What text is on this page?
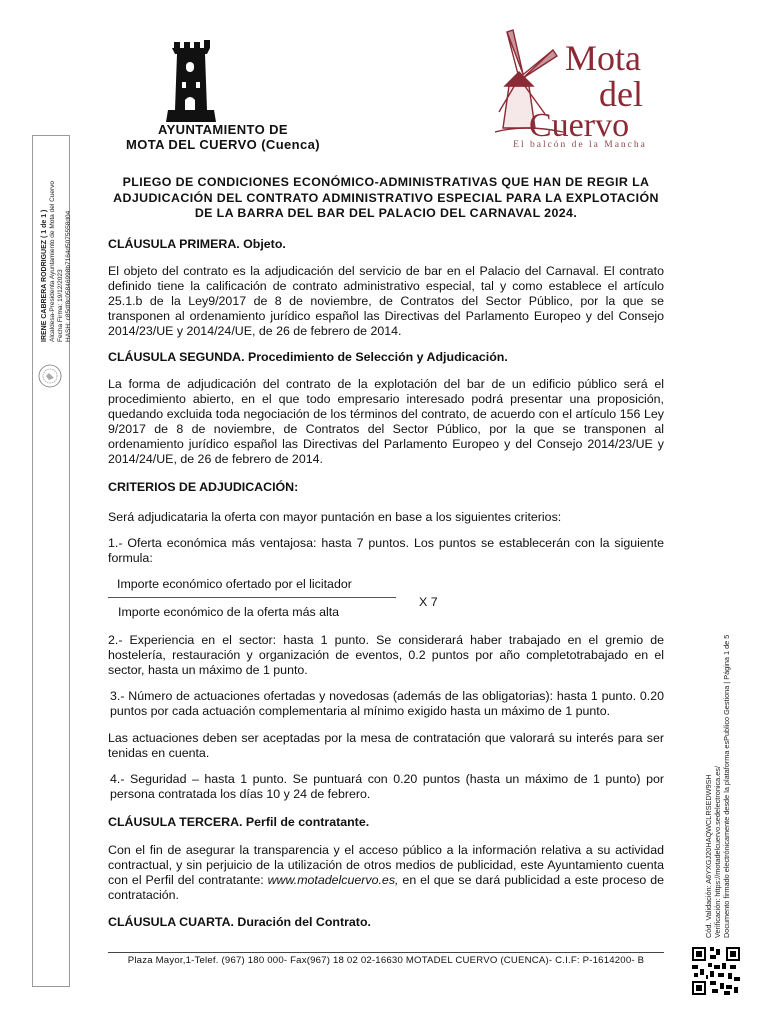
AYUNTAMIENTO DE
MOTA DEL CUERVO (Cuenca)
Mota
del
Cuervo
El balcón de la Mancha
IRENE CABRERA RODRIGUEZ ( 1 de 1 ) Alcaldesa-Presidenta Ayuntamiento de Mota del Cuervo Fecha Firma: 19/12/2023 HASH: c85df8c05846998b7164d5075558d04
Cód. Validación: A6YXGJ20HAQWCLRSEDW9SH Verificación: https://motadelcuervo.sedelectronica.es/ Documento firmado electrónicamente desde la plataforma esPublico Gestiona | Página 1 de 5
PLIEGO DE CONDICIONES ECONÓMICO-ADMINISTRATIVAS QUE HAN DE REGIR LA
ADJUDICACIÓN DEL CONTRATO ADMINISTRATIVO ESPECIAL PARA LA EXPLOTACIÓN
DE LA BARRA DEL BAR DEL PALACIO DEL CARNAVAL 2024.
CLÁUSULA PRIMERA. Objeto.
El objeto del contrato es la adjudicación del servicio de bar en el Palacio del Carnaval. El contrato definido tiene la calificación de contrato administrativo especial, tal y como establece el artículo 25.1.b de la Ley9/2017 de 8 de noviembre, de Contratos del Sector Público, por la que se transponen al ordenamiento jurídico español las Directivas del Parlamento Europeo y del Consejo 2014/23/UE y 2014/24/UE, de 26 de febrero de 2014.
CLÁUSULA SEGUNDA. Procedimiento de Selección y Adjudicación.
La forma de adjudicación del contrato de la explotación del bar de un edificio público será el procedimiento abierto, en el que todo empresario interesado podrá presentar una proposición, quedando excluida toda negociación de los términos del contrato, de acuerdo con el artículo 156 Ley 9/2017 de 8 de noviembre, de Contratos del Sector Público, por la que se transponen al ordenamiento jurídico español las Directivas del Parlamento Europeo y del Consejo 2014/23/UE y 2014/24/UE, de 26 de febrero de 2014.
CRITERIOS DE ADJUDICACIÓN:
Será adjudicataria la oferta con mayor puntación en base a los siguientes criterios:
1.- Oferta económica más ventajosa: hasta 7 puntos. Los puntos se establecerán con la siguiente formula:
Importe económico ofertado por el licitador
Importe económico de la oferta más alta
X 7
2.- Experiencia en el sector: hasta 1 punto. Se considerará haber trabajado en el gremio de hostelería, restauración y organización de eventos, 0.2 puntos por año completotrabajado en el sector, hasta un máximo de 1 punto.
3.- Número de actuaciones ofertadas y novedosas (además de las obligatorias): hasta 1 punto. 0.20 puntos por cada actuación complementaria al mínimo exigido hasta un máximo de 1 punto.
Las actuaciones deben ser aceptadas por la mesa de contratación que valorará su interés para ser tenidas en cuenta.
4.- Seguridad – hasta 1 punto. Se puntuará con 0.20 puntos (hasta un máximo de 1 punto) por persona contratada los días 10 y 24 de febrero.
CLÁUSULA TERCERA. Perfil de contratante.
Con el fin de asegurar la transparencia y el acceso público a la información relativa a su actividad contractual, y sin perjuicio de la utilización de otros medios de publicidad, este Ayuntamiento cuenta con el Perfil del contratante: www.motadelcuervo.es, en el que se dará publicidad a este proceso de contratación.
CLÁUSULA CUARTA. Duración del Contrato.
Plaza Mayor,1-Telef. (967) 180 000- Fax(967) 18 02 02-16630 MOTADEL CUERVO (CUENCA)- C.I.F: P-1614200- B
